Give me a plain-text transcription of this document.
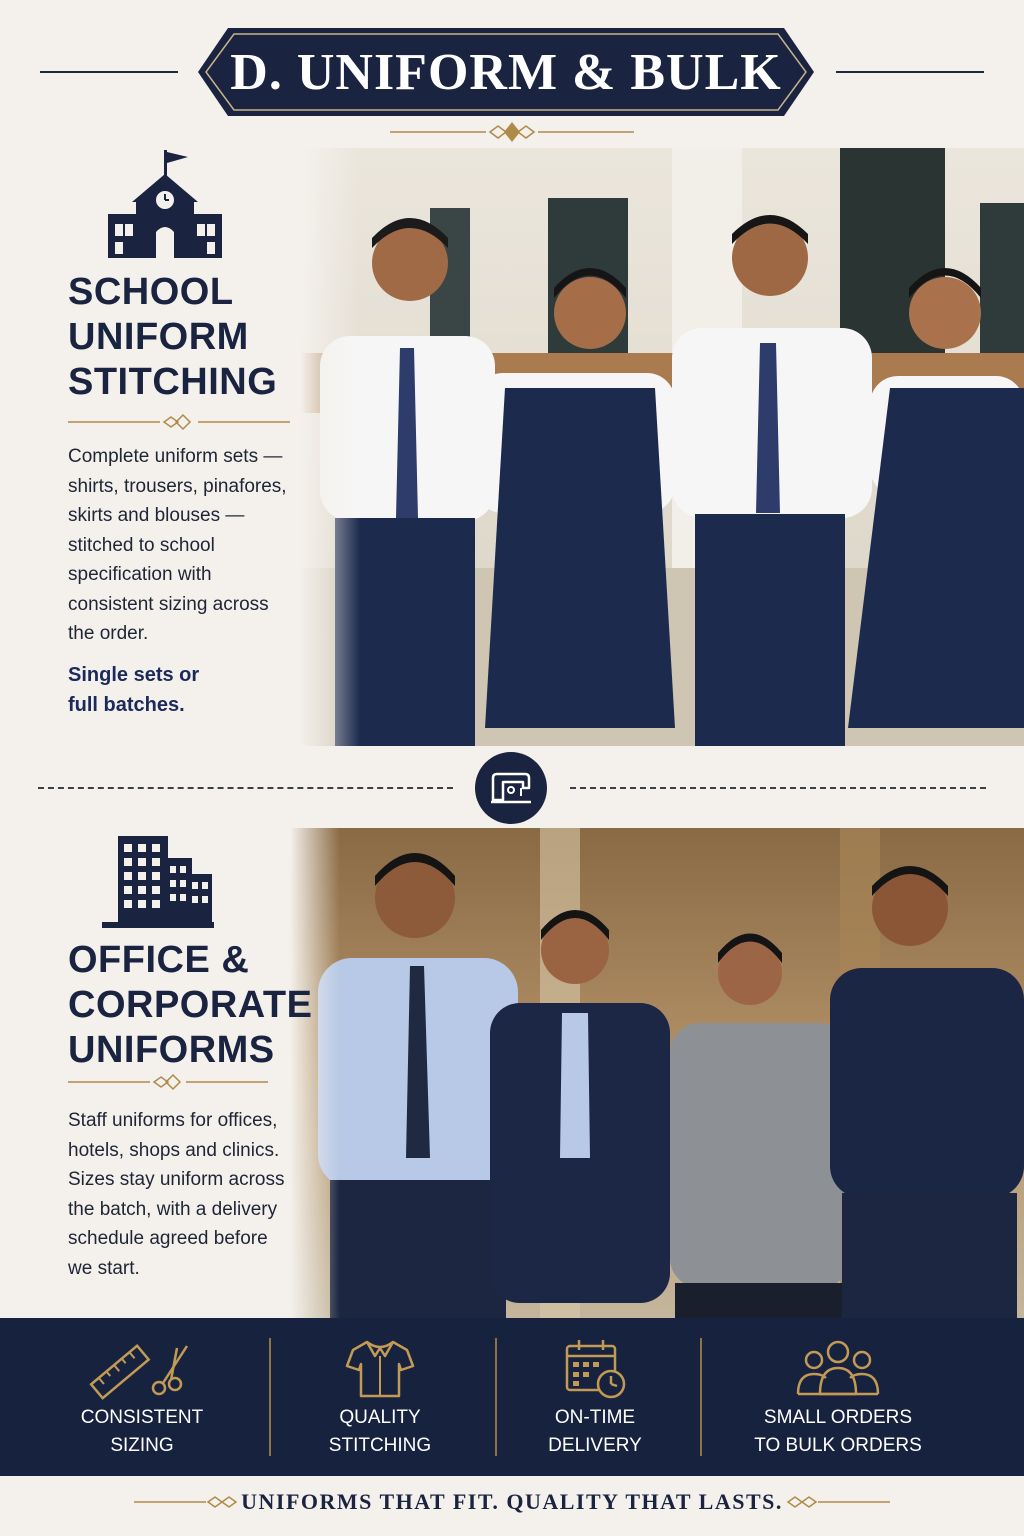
D. UNIFORM & BULK
SCHOOL
UNIFORM
STITCHING
Complete uniform sets —
shirts, trousers, pinafores,
skirts and blouses —
stitched to school
specification with
consistent sizing across
the order.
Single sets or
full batches.
OFFICE &
CORPORATE
UNIFORMS
Staff uniforms for offices,
hotels, shops and clinics.
Sizes stay uniform across
the batch, with a delivery
schedule agreed before
we start.
CONSISTENT
SIZING
QUALITY
STITCHING
ON-TIME
DELIVERY
SMALL ORDERS
TO BULK ORDERS
UNIFORMS THAT FIT. QUALITY THAT LASTS.
